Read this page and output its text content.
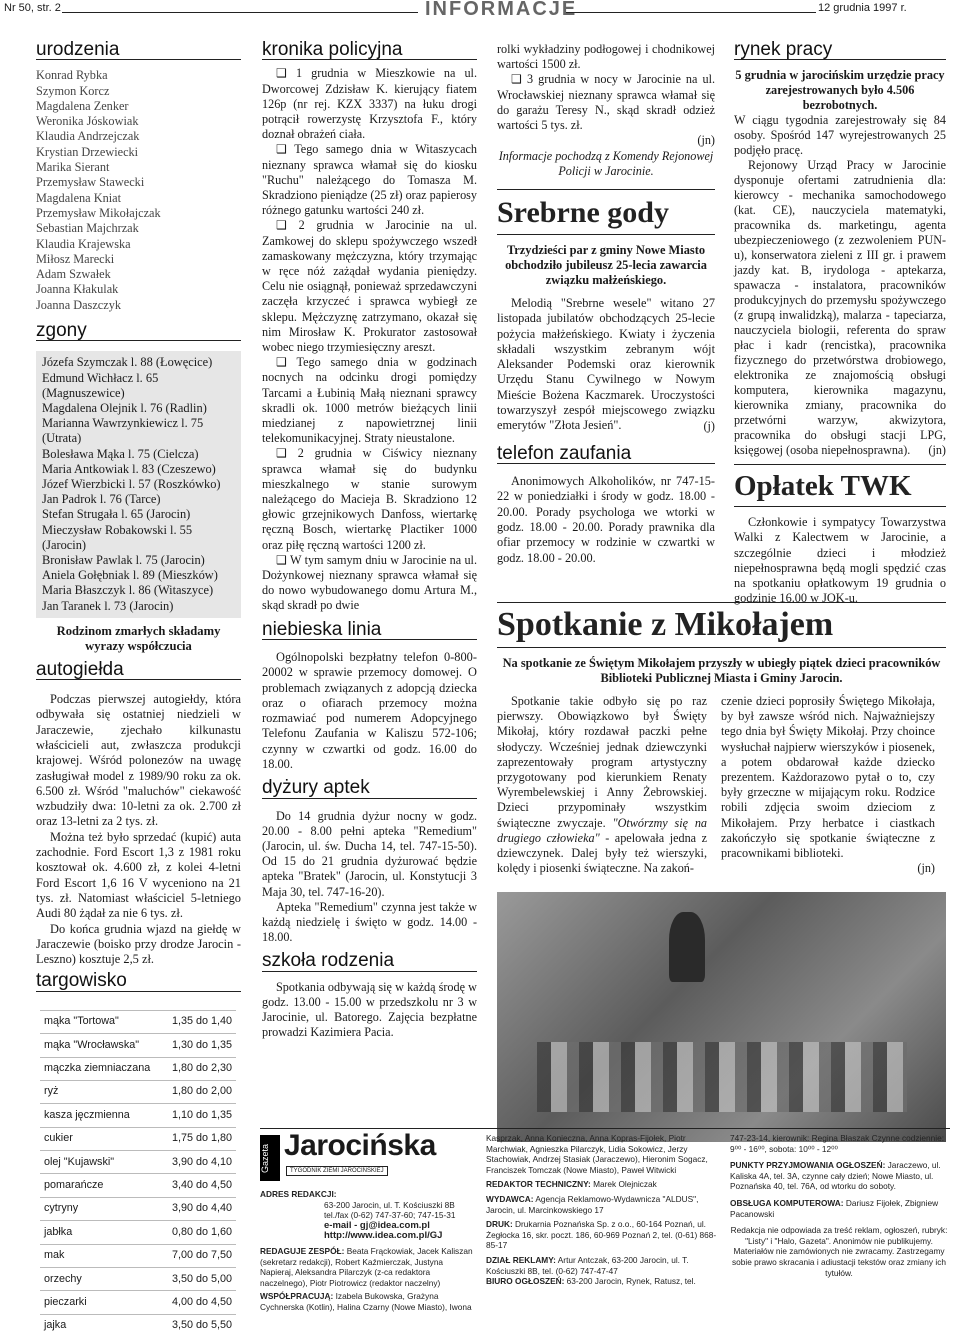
Nr 50, str. 2	INFORMACJE	12 grudnia 1997 r.
urodzenia
Konrad Rybka
Szymon Korcz
Magdalena Zenker
Weronika Jóskowiak
Klaudia Andrzejczak
Krystian Drzewiecki
Marika Sierant
Przemysław Stawecki
Magdalena Kniat
Przemysław Mikołajczak
Sebastian Majchrzak
Klaudia Krajewska
Miłosz Marecki
Adam Szwałek
Joanna Kłakulak
Joanna Daszczyk
zgony
Józefa Szymczak l. 88 (Łowęcice)
Edmund Wichłacz l. 65 (Magnuszewice)
Magdalena Olejnik l. 76 (Radlin)
Marianna Wawrzynkiewicz l. 75 (Utrata)
Bolesława Mąka l. 75 (Cielcza)
Maria Antkowiak l. 83 (Czeszewo)
Józef Wierzbicki l. 57 (Roszkówko)
Jan Padrok l. 76 (Tarce)
Stefan Strugała l. 65 (Jarocin)
Mieczysław Robakowski l. 55 (Jarocin)
Bronisław Pawlak l. 75 (Jarocin)
Aniela Gołębniak l. 89 (Mieszków)
Maria Błaszczyk l. 86 (Witaszyce)
Jan Taranek l. 73 (Jarocin)
Rodzinom zmarłych składamy wyrazy współczucia
autogiełda

Podczas pierwszej autogiełdy, która odbywała się ostatniej niedzieli w Jaraczewie, zjechało kilkunastu właścicieli aut, zwłaszcza produkcji krajowej. Wśród polonezów na uwagę zasługiwał model z 1989/90 roku za ok. 6.500 zł. Wśród "maluchów" ciekawość wzbudziły dwa: 10-letni za ok. 2.700 zł oraz 13-letni za 2 tys. zł.

Można też było sprzedać (kupić) auta zachodnie. Ford Escort 1,3 z 1981 roku kosztował ok. 4.600 zł, z kolei 4-letni Ford Escort 1,6 16 V wyceniono na 21 tys. zł. Natomiast właściciel 5-letniego Audi 80 żądał za nie 6 tys. zł.

Do końca grudnia wjazd na giełdę w Jaraczewie (boisko przy drodze Jarocin - Leszno) kosztuje 2,5 zł.

targowisko
mąka "Tortowa"	1,35 do 1,40
mąka "Wrocławska"	1,30 do 1,35
mączka ziemniaczana	1,80 do 2,30
ryż	1,80 do 2,00
kasza jęczmienna	1,10 do 1,35
cukier	1,75 do 1,80
olej "Kujawski"	3,90 do 4,10
pomarańcze	3,40 do 4,50
cytryny	3,90 do 4,40
jabłka	0,80 do 1,60
mak	7,00 do 7,50
orzechy	3,50 do 5,00
pieczarki	4,00 do 4,50
jajka	3,50 do 5,50
kronika policyjna

❑ 1 grudnia w Mieszkowie na ul. Dworcowej Zdzisław K. kierujący fiatem 126p (nr rej. KZX 3337) na łuku drogi potrącił rowerzystę Krzysztofa F., który doznał obrażeń ciała.

❑ Tego samego dnia w Witaszycach nieznany sprawca włamał się do kiosku "Ruchu" należącego do Tomasza M. Skradziono pieniądze (25 zł) oraz papierosy różnego gatunku wartości 240 zł.

❑ 2 grudnia w Jarocinie na ul. Zamkowej do sklepu spożywczego wszedł zamaskowany mężczyzna, który trzymając w ręce nóż zażądał wydania pieniędzy. Celu nie osiągnął, ponieważ sprzedawczyni zaczęła krzyczeć i sprawca wybiegł ze sklepu. Mężczyznę zatrzymano, okazał się nim Mirosław K. Prokurator zastosował wobec niego trzymiesięczny areszt.

❑ Tego samego dnia w godzinach nocnych na odcinku drogi pomiędzy Tarcami a Łubinią Małą nieznani sprawcy skradli ok. 1000 metrów bieżących linii miedzianej z napowietrznej linii telekomunikacyjnej. Straty nieustalone.

❑ 2 grudnia w Ciświcy nieznany sprawca włamał się do budynku mieszkalnego w stanie surowym należącego do Macieja B. Skradziono 12 głowic grzejnikowych Danfoss, wiertarkę ręczną Bosch, wiertarkę Plactiker 1000 oraz piłę ręczną wartości 1200 zł.

❑ W tym samym dniu w Jarocinie na ul. Dożynkowej nieznany sprawca włamał się do nowo wybudowanego domu Artura M., skąd skradł po dwie

niebieska linia

Ogólnopolski bezpłatny telefon 0-800-20002 w sprawie przemocy domowej. O problemach związanych z adopcją dziecka oraz o ofiarach przemocy można rozmawiać pod numerem Adopcyjnego Telefonu Zaufania w Kaliszu 572-106; czynny w czwartki od godz. 16.00 do 18.00.

dyżury aptek

Do 14 grudnia dyżur nocny w godz. 20.00 - 8.00 pełni apteka "Remedium" (Jarocin, ul. św. Ducha 14, tel. 747-15-50). Od 15 do 21 grudnia dyżurować będzie apteka "Bratek" (Jarocin, ul. Konstytucji 3 Maja 30, tel. 747-16-20).

Apteka "Remedium" czynna jest także w każdą niedzielę i święto w godz. 14.00 - 18.00.

szkoła rodzenia

Spotkania odbywają się w każdą środę w godz. 13.00 - 15.00 w przedszkolu nr 3 w Jarocinie, ul. Batorego. Zajęcia bezpłatne prowadzi Kazimiera Pacia.

rolki wykładziny podłogowej i chodnikowej wartości 1500 zł.

❑ 3 grudnia w nocy w Jarocinie na ul. Wrocławskiej nieznany sprawca włamał się do garażu Teresy N., skąd skradł odzież wartości 5 tys. zł.

(jn)

Informacje pochodzą z Komendy Rejonowej Policji w Jarocinie.

Srebrne gody

Trzydzieści par z gminy Nowe Miasto obchodziło jubileusz 25-lecia zawarcia związku małżeńskiego.

Melodią "Srebrne wesele" witano 27 listopada jubilatów obchodzących 25-lecie pożycia małżeńskiego. Kwiaty i życzenia składali wszystkim zebranym wójt Aleksander Podemski oraz kierownik Urzędu Stanu Cywilnego w Nowym Mieście Bożena Kaczmarek. Uroczystości towarzyszył zespół miejscowego związku emerytów "Złota Jesień".	(j)
telefon zaufania

Anonimowych Alkoholików, nr 747-15-22 w poniedziałki i środy w godz. 18.00 - 20.00. Porady psychologa we wtorki w godz. 18.00 - 20.00. Porady prawnika dla ofiar przemocy w rodzinie w czwartki w godz. 18.00 - 20.00.

rynek pracy

5 grudnia w jarocińskim urzędzie pracy zarejestrowanych było 4.506 bezrobotnych.

W ciągu tygodnia zarejestrowały się 84 osoby. Spośród 147 wyrejestrowanych 25 podjęło pracę.

Rejonowy Urząd Pracy w Jarocinie dysponuje ofertami zatrudnienia dla: kierowcy - mechanika samochodowego (kat. CE), nauczyciela matematyki, pracownika ds. marketingu, agenta ubezpieczeniowego (z zezwoleniem PUN-u), konserwatora zieleni z III gr. i prawem jazdy kat. B, irydologa - aptekarza, spawacza - instalatora, pracowników produkcyjnych do przemysłu spożywczego (z grupą inwalidzką), malarza - tapeciarza, nauczyciela biologii, referenta do spraw płac i kadr (rencistka), pracownika fizycznego do przetwórstwa drobiowego, elektronika ze znajomością obsługi komputera, kierownika magazynu, kierownika zmiany, pracownika do przetwórni warzyw, akwizytora, pracownika do obsługi stacji LPG, księgowej (osoba niepełnosprawna).	(jn)
Opłatek TWK

Członkowie i sympatycy Towarzystwa Walki z Kalectwem w Jarocinie, a szczególnie dzieci i młodzież niepełnosprawna będą mogli spędzić czas na spotkaniu opłatkowym 19 grudnia o godzinie 16.00 w JOK-u.

Spotkanie z Mikołajem

Na spotkanie ze Świętym Mikołajem przyszły w ubiegły piątek dzieci pracowników Biblioteki Publicznej Miasta i Gminy Jarocin.

Spotkanie takie odbyło się po raz pierwszy. Obowiązkowo był Święty Mikołaj, który rozdawał paczki pełne słodyczy. Wcześniej jednak dziewczynki zaprezentowały program artystyczny przygotowany pod kierunkiem Renaty Wyrembelewskiej i Anny Żebrowskiej. Dzieci przypominały wszystkim świąteczne zwyczaje. "Otwórzmy się na drugiego człowieka" - apelowała jedna z dziewczynek. Dalej były też wierszyki, kolędy i piosenki świąteczne. Na zakoń-
czenie dzieci poprosiły Świętego Mikołaja, by był zawsze wśród nich. Najważniejszy tego dnia był Święty Mikołaj. Przy choince wysłuchał najpierw wierszyków i piosenek, a potem obdarował każde dziecko prezentem. Każdorazowo pytał o to, czy były grzeczne w mijającym roku. Rodzice robili zdjęcia swoim dzieciom z Mikołajem. Przy herbatce i ciastkach zakończyło się spotkanie świąteczne z pracownikami biblioteki.
(jn)
Gazeta Jarocińska
TYGODNIK ZIEMI JAROCIŃSKIEJ
ADRES REDAKCJI:
63-200 Jarocin, ul. T. Kościuszki 8B tel./fax (0-62) 747-37-60; 747-15-31
e-mail - gj@idea.com.pl
http://www.idea.com.pl/GJ
REDAGUJE ZESPÓŁ: Beata Frąckowiak, Jacek Kaliszan (sekretarz redakcji), Robert Kaźmierczak, Justyna Napieraj, Aleksandra Pilarczyk (z-ca redaktora naczelnego), Piotr Piotrowicz (redaktor naczelny)
WSPÓŁPRACUJĄ: Izabela Bukowska, Grażyna Cychnerska (Kotlin), Halina Czarny (Nowe Miasto), Iwona
Kasprzak, Anna Konieczna, Anna Kopras-Fijołek, Piotr Marchwiak, Agnieszka Pilarczyk, Lidia Sokowicz, Jerzy Stachowiak, Andrzej Stasiak (Jaraczewo), Hieronim Sogacz, Franciszek Tomczak (Nowe Miasto), Paweł Witwicki
REDAKTOR TECHNICZNY: Marek Olejniczak
WYDAWCA: Agencja Reklamowo-Wydawnicza "ALDUS", Jarocin, ul. Marcinkowskiego 17
DRUK: Drukarnia Poznańska Sp. z o.o., 60-164 Poznań, ul. Żegłocka 16, skr. poczt. 186, 60-969 Poznań 2, tel. (0-61) 868-85-17
DZIAŁ REKLAMY: Artur Antczak, 63-200 Jarocin, ul. T. Kościuszki 8B, tel. (0-62) 747-47-47
BIURO OGŁOSZEŃ: 63-200 Jarocin, Rynek, Ratusz, tel.
747-23-14, kierownik: Regina Błaszak Czynne codziennie: 9⁰⁰ - 16⁰⁰, sobota: 10⁰⁰ - 12⁰⁰
PUNKTY PRZYJMOWANIA OGŁOSZEŃ: Jaraczewo, ul. Kaliska 4A, tel. 3A, czynne cały dzień; Nowe Miasto, ul. Poznańska 40, tel. 76A, od wtorku do soboty.
OBSŁUGA KOMPUTEROWA: Dariusz Fijołek, Zbigniew Pacanowski
Redakcja nie odpowiada za treść reklam, ogłoszeń, rubryk: "Listy" i "Halo, Gazeta". Anonimów nie publikujemy. Materiałów nie zamówionych nie zwracamy. Zastrzegamy sobie prawo skracania i adiustacji tekstów oraz zmiany ich tytułów.
